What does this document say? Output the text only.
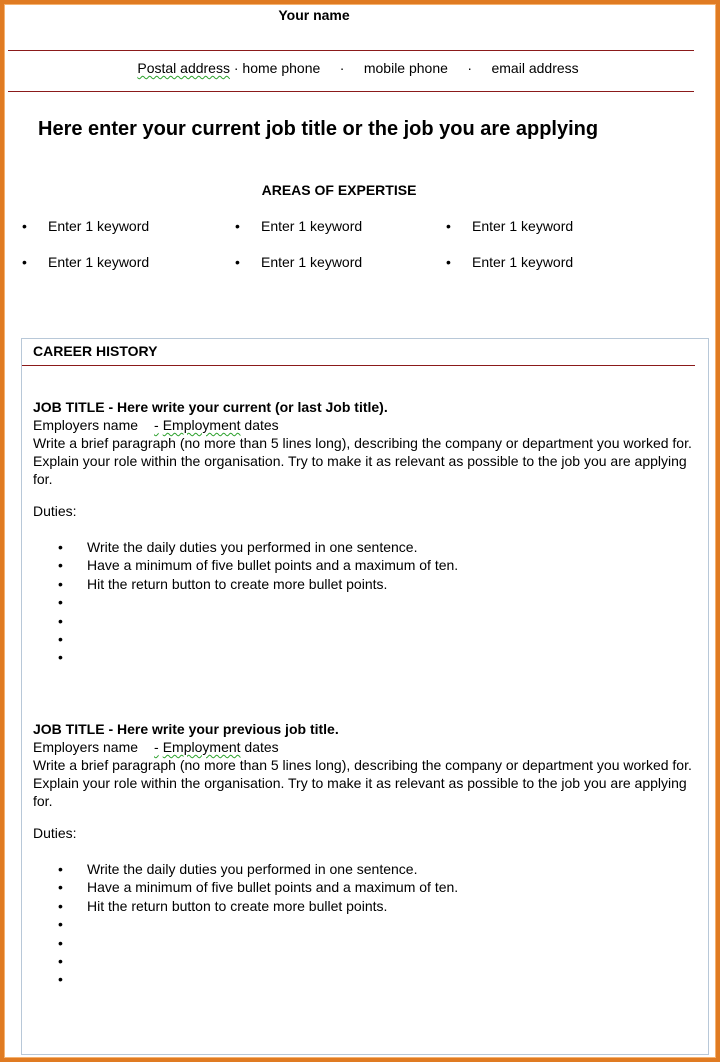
Your name
Postal address · home phone · mobile phone · email address
Here enter your current job title or the job you are applying
AREAS OF EXPERTISE
• Enter 1 keyword	• Enter 1 keyword	• Enter 1 keyword
• Enter 1 keyword	• Enter 1 keyword	• Enter 1 keyword
CAREER HISTORY

JOB TITLE - Here write your current (or last Job title).

Employers name - Employment dates

Write a brief paragraph (no more than 5 lines long), describing the company or department you worked for. Explain your role within the organisation. Try to make it as relevant as possible to the job you are applying for.

Duties:
• Write the daily duties you performed in one sentence.
• Have a minimum of five bullet points and a maximum of ten.
• Hit the return button to create more bullet points.
•
•
•
•

JOB TITLE - Here write your previous job title.

Employers name - Employment dates

Write a brief paragraph (no more than 5 lines long), describing the company or department you worked for. Explain your role within the organisation. Try to make it as relevant as possible to the job you are applying for.

Duties:
• Write the daily duties you performed in one sentence.
• Have a minimum of five bullet points and a maximum of ten.
• Hit the return button to create more bullet points.
•
•
•
•
